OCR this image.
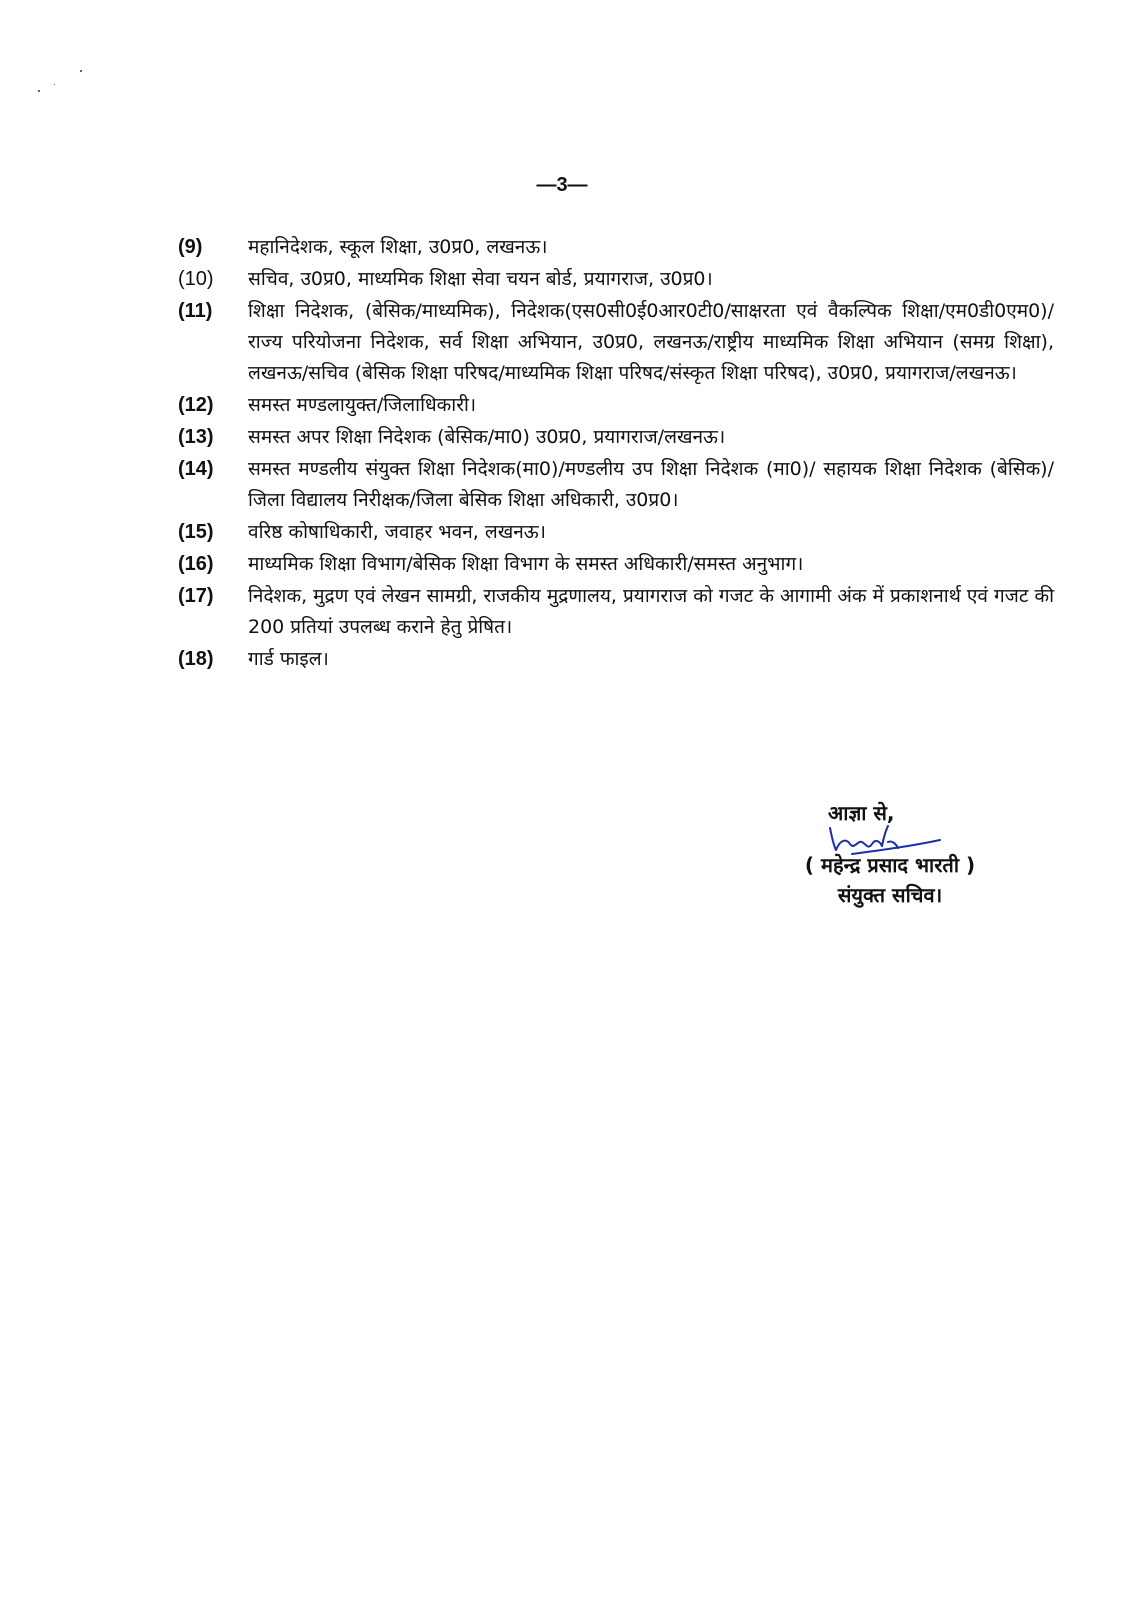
—3—
(9)	महानिदेशक, स्कूल शिक्षा, उ0प्र0, लखनऊ।
(10)	सचिव, उ0प्र0, माध्यमिक शिक्षा सेवा चयन बोर्ड, प्रयागराज, उ0प्र0।
(11)	शिक्षा निदेशक, (बेसिक/माध्यमिक), निदेशक(एस0सी0ई0आर0टी0/साक्षरता एवं वैकल्पिक शिक्षा/एम0डी0एम0)/राज्य परियोजना निदेशक, सर्व शिक्षा अभियान, उ0प्र0, लखनऊ/राष्ट्रीय माध्यमिक शिक्षा अभियान (समग्र शिक्षा), लखनऊ/सचिव (बेसिक शिक्षा परिषद/माध्यमिक शिक्षा परिषद/संस्कृत शिक्षा परिषद), उ0प्र0, प्रयागराज/लखनऊ।
(12)	समस्त मण्डलायुक्त/जिलाधिकारी।
(13)	समस्त अपर शिक्षा निदेशक (बेसिक/मा0) उ0प्र0, प्रयागराज/लखनऊ।
(14)	समस्त मण्डलीय संयुक्त शिक्षा निदेशक(मा0)/मण्डलीय उप शिक्षा निदेशक (मा0)/ सहायक शिक्षा निदेशक (बेसिक)/जिला विद्यालय निरीक्षक/जिला बेसिक शिक्षा अधिकारी, उ0प्र0।
(15)	वरिष्ठ कोषाधिकारी, जवाहर भवन, लखनऊ।
(16)	माध्यमिक शिक्षा विभाग/बेसिक शिक्षा विभाग के समस्त अधिकारी/समस्त अनुभाग।
(17)	निदेशक, मुद्रण एवं लेखन सामग्री, राजकीय मुद्रणालय, प्रयागराज को गजट के आगामी अंक में प्रकाशनार्थ एवं गजट की 200 प्रतियां उपलब्ध कराने हेतु प्रेषित।
(18)	गार्ड फाइल।
आज्ञा से,
( महेन्द्र प्रसाद भारती )
संयुक्त सचिव।
